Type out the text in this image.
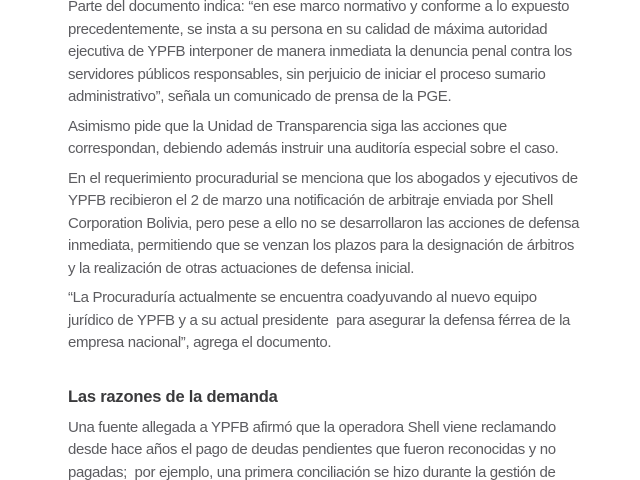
Parte del documento indica: “en ese marco normativo y conforme a lo expuesto
precedentemente, se insta a su persona en su calidad de máxima autoridad
ejecutiva de YPFB interponer de manera inmediata la denuncia penal contra los
servidores públicos responsables, sin perjuicio de iniciar el proceso sumario
administrativo”, señala un comunicado de prensa de la PGE.

Asimismo pide que la Unidad de Transparencia siga las acciones que
correspondan, debiendo además instruir una auditoría especial sobre el caso.

En el requerimiento procuradurial se menciona que los abogados y ejecutivos de
YPFB recibieron el 2 de marzo una notificación de arbitraje enviada por Shell
Corporation Bolivia, pero pese a ello no se desarrollaron las acciones de defensa
inmediata, permitiendo que se venzan los plazos para la designación de árbitros
y la realización de otras actuaciones de defensa inicial.

“La Procuraduría actualmente se encuentra coadyuvando al nuevo equipo
jurídico de YPFB y a su actual presidente  para asegurar la defensa férrea de la
empresa nacional”, agrega el documento.

Las razones de la demanda

Una fuente allegada a YPFB afirmó que la operadora Shell viene reclamando
desde hace años el pago de deudas pendientes que fueron reconocidas y no
pagadas;  por ejemplo, una primera conciliación se hizo durante la gestión de
